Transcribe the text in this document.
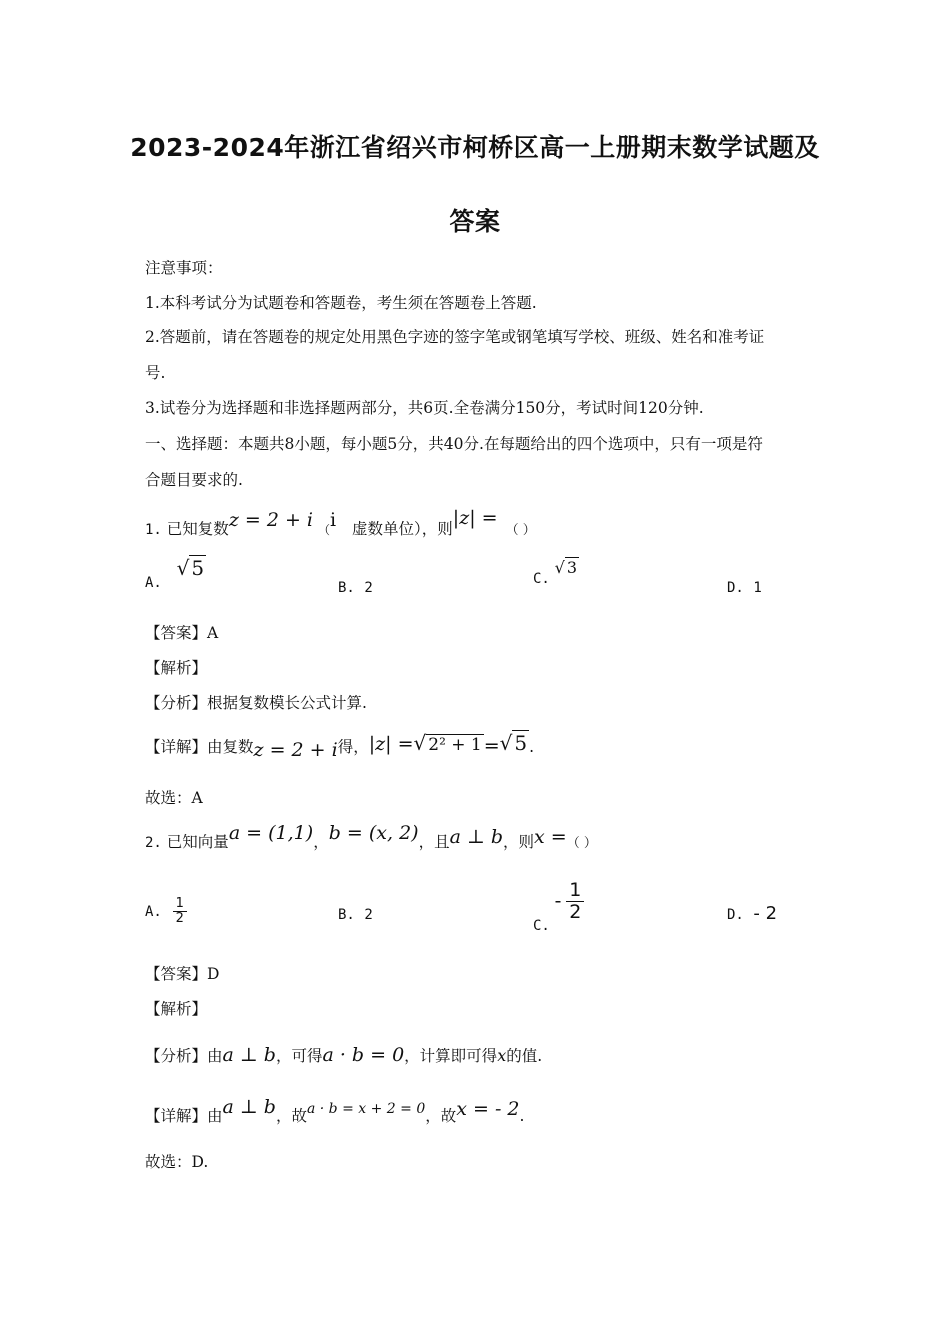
2023-2024年浙江省绍兴市柯桥区高一上册期末数学试题及
答案
注意事项：
1.本科考试分为试题卷和答题卷，考生须在答题卷上答题.
2.答题前，请在答题卷的规定处用黑色字迹的签字笔或钢笔填写学校、班级、姓名和准考证
号.
3.试卷分为选择题和非选择题两部分，共6页.全卷满分150分，考试时间120分钟.
一、选择题：本题共8小题，每小题5分，共40分.在每题给出的四个选项中，只有一项是符
合题目要求的.
1. 已知复数z = 2 + i （i 虚数单位），则|z| =（ ）
A. √ 5
B. 2
C. √ 3
D. 1
【答案】A
【解析】
【分析】根据复数模长公式计算.
【详解】由复数z = 2 + i得，|z| =√ 2² + 1 =√ 5 .
故选：A
2. 已知向量a = (1,1)，b = (x, 2)，且a ⊥ b，则x =（ ）
A. $\frac{1}{2}$	B. 2
C. - $\frac{1}{2}$	D. - 2
【答案】D
【解析】
【分析】由a ⊥ b，可得a · b = 0，计算即可得x的值.
【详解】由a ⊥ b，故a · b = x + 2 = 0，故x = - 2.
故选：D.
